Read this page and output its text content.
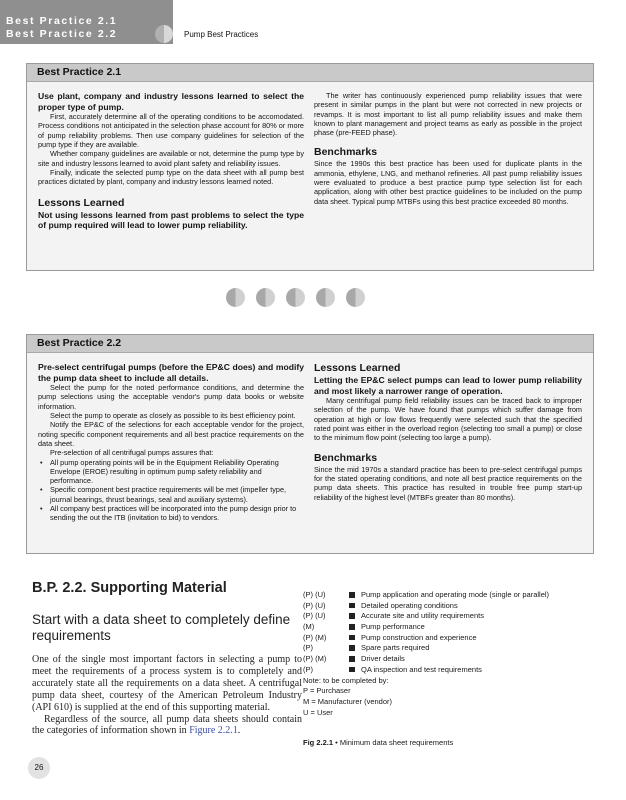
Best Practice 2.1
Best Practice 2.2	Pump Best Practices
Best Practice 2.1

Use plant, company and industry lessons learned to select the proper type of pump.

First, accurately determine all of the operating conditions to be accomodated. Process conditions not anticipated in the selection phase account for 80% or more of pump reliability problems. Then use company guidelines for selection of the pump type if they are available.

Whether company guidelines are available or not, determine the pump type by site and industry lessons learned to avoid plant safety and reliability issues.

Finally, indicate the selected pump type on the data sheet with all pump best practices dictated by plant, company and industry lessons learned noted.

Lessons Learned

Not using lessons learned from past problems to select the type of pump required will lead to lower pump reliability.

The writer has continuously experienced pump reliability issues that were present in similar pumps in the plant but were not corrected in new projects or revamps. It is most important to list all pump reliability issues and make them known to plant management and project teams as early as possible in the project phase (pre-FEED phase).

Benchmarks

Since the 1990s this best practice has been used for duplicate plants in the ammonia, ethylene, LNG, and methanol refineries. All past pump reliability issues were evaluated to produce a best practice pump type selection list for each application, along with other best practice guidelines to be included on the pump data sheet. Typical pump MTBFs using this best practice exceeded 80 months.

Best Practice 2.2

Pre-select centrifugal pumps (before the EP&C does) and modify the pump data sheet to include all details.

Select the pump for the noted performance conditions, and determine the pump selections using the acceptable vendor's pump data books or website information.

Select the pump to operate as closely as possible to its best efficiency point.

Notify the EP&C of the selections for each acceptable vendor for the project, noting specific component requirements and all best practice requirements on the data sheet.

Pre-selection of all centrifugal pumps assures that:

• All pump operating points will be in the Equipment Reliability Operating Envelope (EROE) resulting in optimum pump safety reliability and performance.
• Specific component best practice requirements will be met (impeller type, journal bearings, thrust bearings, seal and auxiliary systems).
• All company best practices will be incorporated into the pump design prior to sending the out the ITB (invitation to bid) to vendors.

Lessons Learned

Letting the EP&C select pumps can lead to lower pump reliability and most likely a narrower range of operation.

Many centrifugal pump field reliability issues can be traced back to improper selection of the pump. We have found that pumps which suffer damage from operation at high or low flows frequently were selected such that the specified rated point was either in the overload region (selecting too small a pump) or close to the minimum flow point (selecting too large a pump).

Benchmarks

Since the mid 1970s a standard practice has been to pre-select centrifugal pumps for the stated operating conditions, and note all best practice requirements on the pump data sheets. This practice has resulted in trouble free pump start-up reliability of the highest level (MTBFs greater than 80 months).

B.P. 2.2. Supporting Material
Start with a data sheet to completely define requirements

One of the single most important factors in selecting a pump to meet the requirements of a process system is to completely and accurately state all the requirements on a data sheet. A centrifugal pump data sheet, courtesy of the American Petroleum Industry (API 610) is supplied at the end of this supporting material.

Regardless of the source, all pump data sheets should contain the categories of information shown in Figure 2.2.1.

(P) (U)	Pump application and operating mode (single or parallel)
(P) (U)	Detailed operating conditions
(P) (U)	Accurate site and utility requirements
(M)	Pump performance
(P) (M)	Pump construction and experience
(P)	Spare parts required
(P) (M)	Driver details
(P)	QA inspection and test requirements
Note: to be completed by:
P = Purchaser
M = Manufacturer (vendor)
U = User
Fig 2.2.1 • Minimum data sheet requirements
26
